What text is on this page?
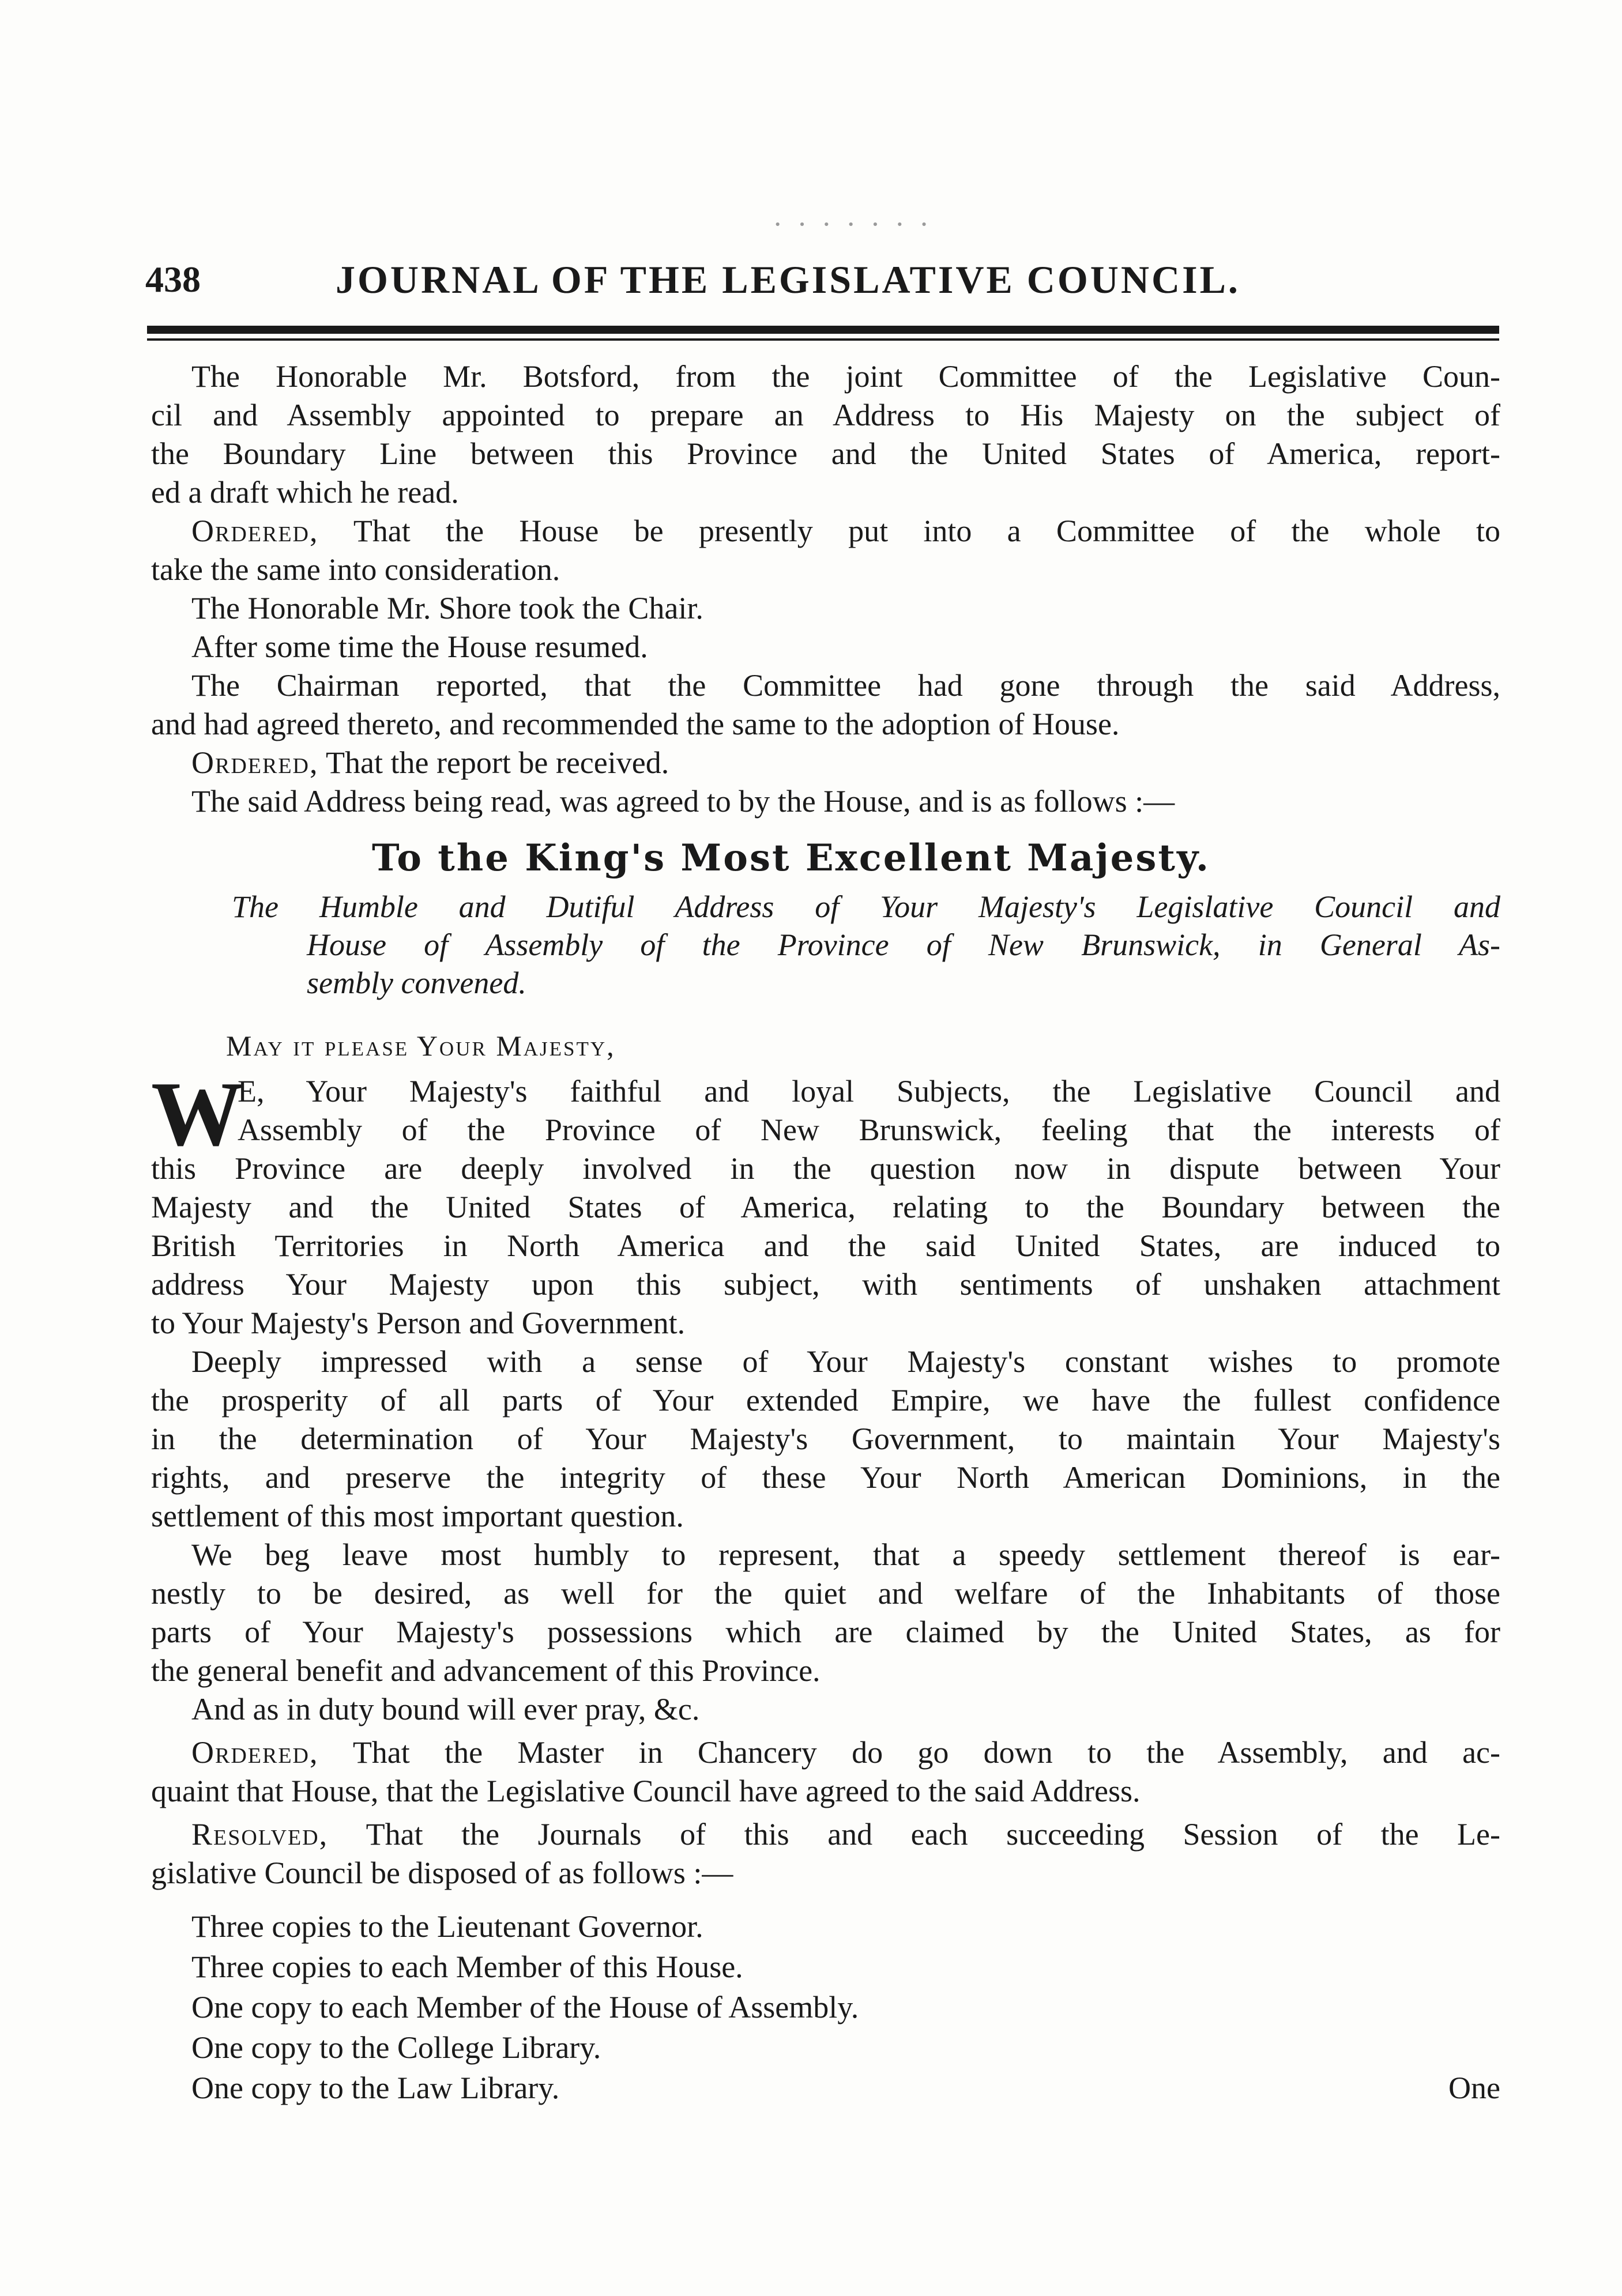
· · · · · · ·
438	JOURNAL OF THE LEGISLATIVE COUNCIL.
The Honorable Mr. Botsford, from the joint Committee of the Legislative Coun-
cil and Assembly appointed to prepare an Address to His Majesty on the subject of
the Boundary Line between this Province and the United States of America, report-
ed a draft which he read.
Ordered, That the House be presently put into a Committee of the whole to
take the same into consideration.
The Honorable Mr. Shore took the Chair.
After some time the House resumed.
The Chairman reported, that the Committee had gone through the said Address,
and had agreed thereto, and recommended the same to the adoption of House.
Ordered, That the report be received.
The said Address being read, was agreed to by the House, and is as follows :—
To the King's Most Excellent Majesty.
The Humble and Dutiful Address of Your Majesty's Legislative Council and
House of Assembly of the Province of New Brunswick, in General As-
sembly convened.
May it please Your Majesty,
W
E, Your Majesty's faithful and loyal Subjects, the Legislative Council and
Assembly of the Province of New Brunswick, feeling that the interests of
this Province are deeply involved in the question now in dispute between Your
Majesty and the United States of America, relating to the Boundary between the
British Territories in North America and the said United States, are induced to
address Your Majesty upon this subject, with sentiments of unshaken attachment
to Your Majesty's Person and Government.
Deeply impressed with a sense of Your Majesty's constant wishes to promote
the prosperity of all parts of Your extended Empire, we have the fullest confidence
in the determination of Your Majesty's Government, to maintain Your Majesty's
rights, and preserve the integrity of these Your North American Dominions, in the
settlement of this most important question.
We beg leave most humbly to represent, that a speedy settlement thereof is ear-
nestly to be desired, as well for the quiet and welfare of the Inhabitants of those
parts of Your Majesty's possessions which are claimed by the United States, as for
the general benefit and advancement of this Province.
And as in duty bound will ever pray, &c.
Ordered, That the Master in Chancery do go down to the Assembly, and ac-
quaint that House, that the Legislative Council have agreed to the said Address.
Resolved, That the Journals of this and each succeeding Session of the Le-
gislative Council be disposed of as follows :—
Three copies to the Lieutenant Governor.
Three copies to each Member of this House.
One copy to each Member of the House of Assembly.
One copy to the College Library.
One copy to the Law Library.	One
